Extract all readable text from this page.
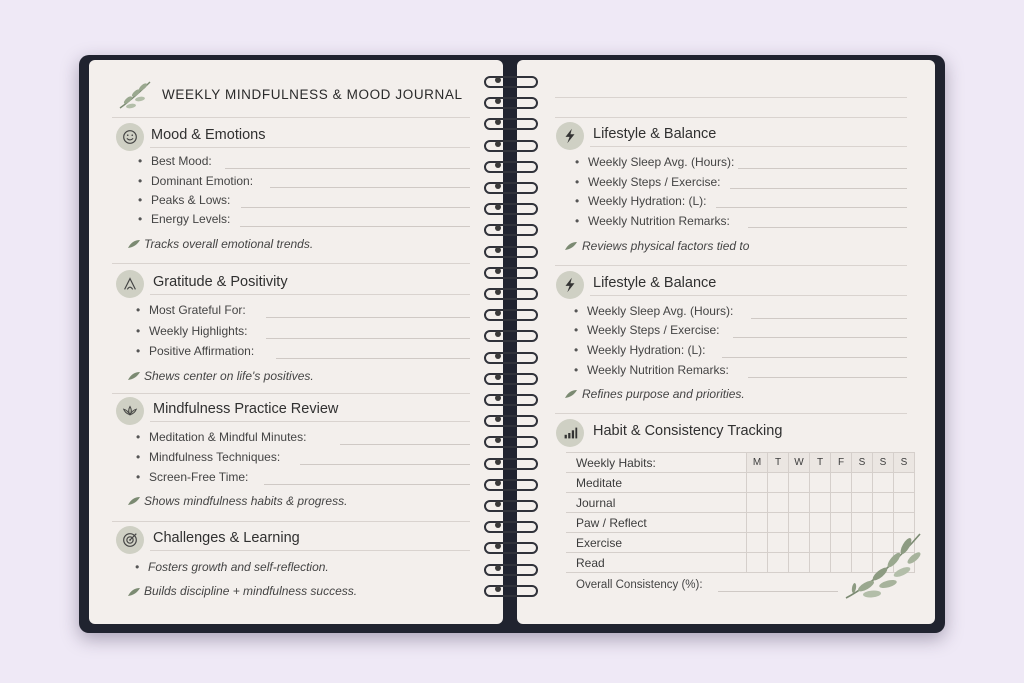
WEEKLY MINDFULNESS & MOOD JOURNAL
Mood & Emotions
• Best Mood:
• Dominant Emotion:
• Peaks & Lows:
• Energy Levels:
Tracks overall emotional trends.
Gratitude & Positivity
• Most Grateful For:
• Weekly Highlights:
• Positive Affirmation:
Shews center on life's positives.
Mindfulness Practice Review
• Meditation & Mindful Minutes:
• Mindfulness Techniques:
• Screen-Free Time:
Shows mindfulness habits & progress.
Challenges & Learning
• Fosters growth and self-reflection.
Builds discipline + mindfulness success.
Lifestyle & Balance
• Weekly Sleep Avg. (Hours):
• Weekly Steps / Exercise:
• Weekly Hydration: (L):
• Weekly Nutrition Remarks:
Reviews physical factors tied to
Lifestyle & Balance
• Weekly Sleep Avg. (Hours):
• Weekly Steps / Exercise:
• Weekly Hydration: (L):
• Weekly Nutrition Remarks:
Refines purpose and priorities.
Habit & Consistency Tracking
Weekly Habits:	M	T	W	T	F	S	S	S
Meditate								
Journal								
Paw / Reflect								
Exercise								
Read								
Overall Consistency (%):
